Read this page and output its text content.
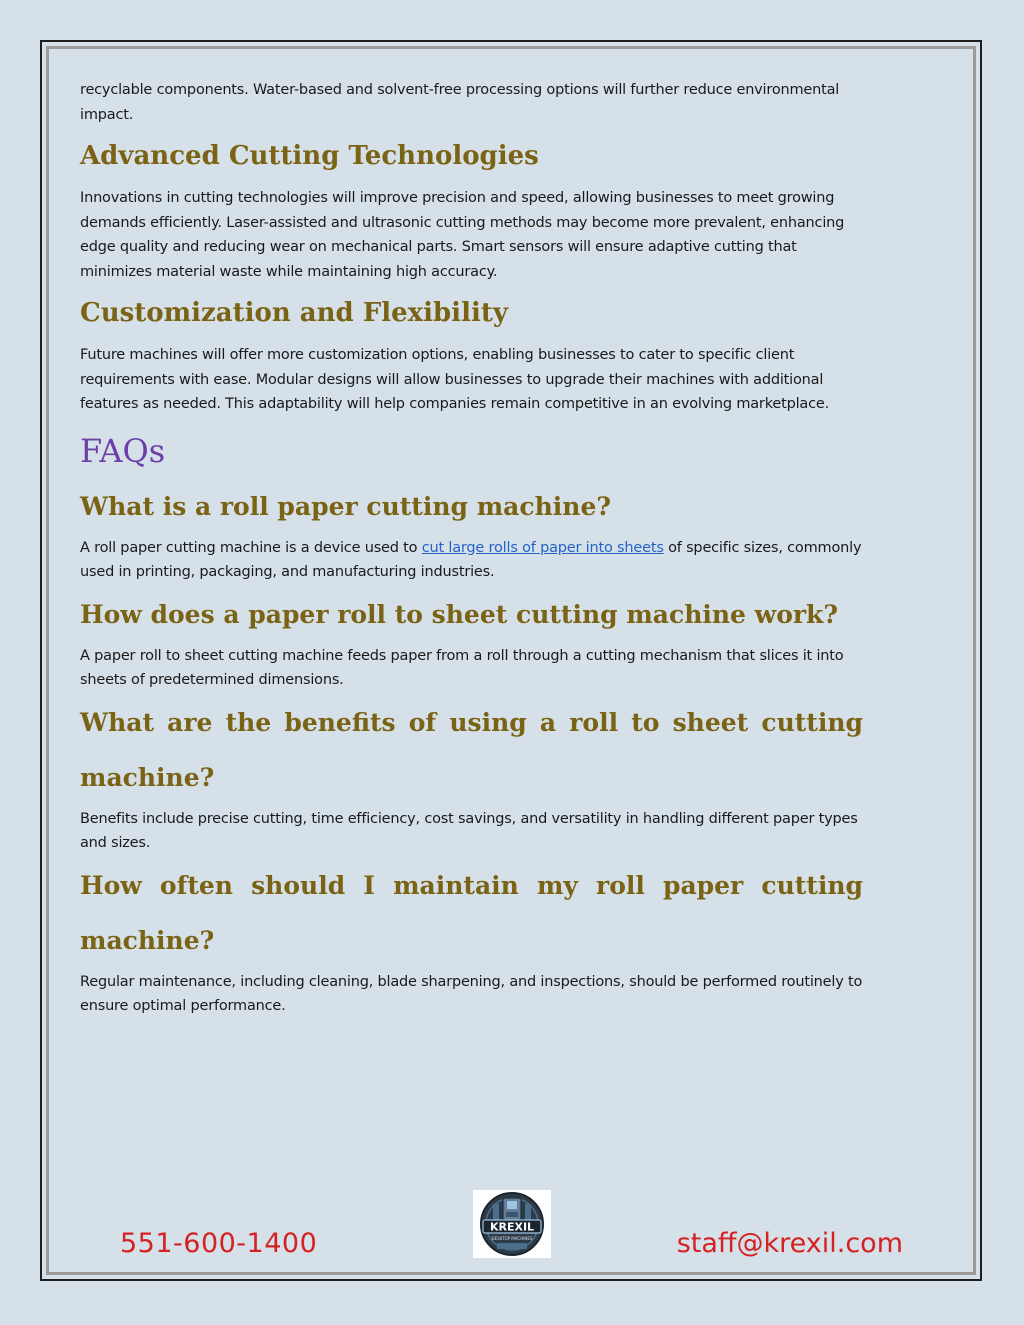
recyclable components. Water-based and solvent-free processing options will further reduce environmental impact.

Advanced Cutting Technologies

Innovations in cutting technologies will improve precision and speed, allowing businesses to meet growing demands efficiently. Laser-assisted and ultrasonic cutting methods may become more prevalent, enhancing edge quality and reducing wear on mechanical parts. Smart sensors will ensure adaptive cutting that minimizes material waste while maintaining high accuracy.

Customization and Flexibility

Future machines will offer more customization options, enabling businesses to cater to specific client requirements with ease. Modular designs will allow businesses to upgrade their machines with additional features as needed. This adaptability will help companies remain competitive in an evolving marketplace.

FAQs
What is a roll paper cutting machine?

A roll paper cutting machine is a device used to cut large rolls of paper into sheets of specific sizes, commonly used in printing, packaging, and manufacturing industries.

How does a paper roll to sheet cutting machine work?

A paper roll to sheet cutting machine feeds paper from a roll through a cutting mechanism that slices it into sheets of predetermined dimensions.

What are the benefits of using a roll to sheet cutting machine?

Benefits include precise cutting, time efficiency, cost savings, and versatility in handling different paper types and sizes.

How often should I maintain my roll paper cutting machine?

Regular maintenance, including cleaning, blade sharpening, and inspections, should be performed routinely to ensure optimal performance.

551-600-1400
KREXIL
DESKTOP MACHINES	staff@krexil.com
